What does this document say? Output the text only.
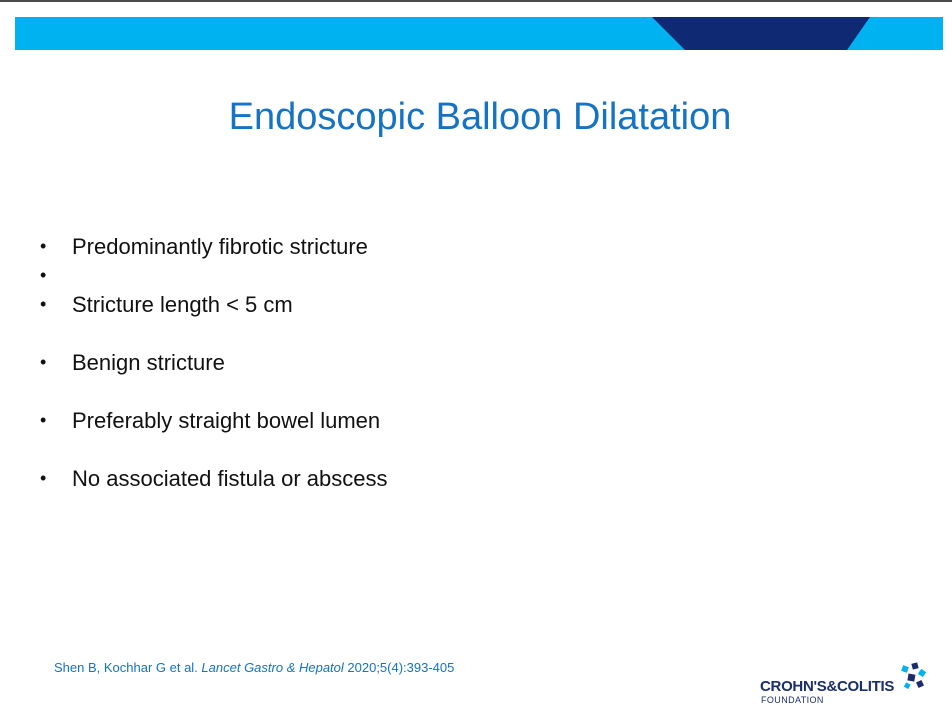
Endoscopic Balloon Dilatation
• Predominantly fibrotic stricture
•
• Stricture length < 5 cm
• Benign stricture
• Preferably straight bowel lumen
• No associated fistula or abscess
Shen B, Kochhar G et al. Lancet Gastro & Hepatol 2020;5(4):393-405
CROHN'S&COLITIS
FOUNDATION
